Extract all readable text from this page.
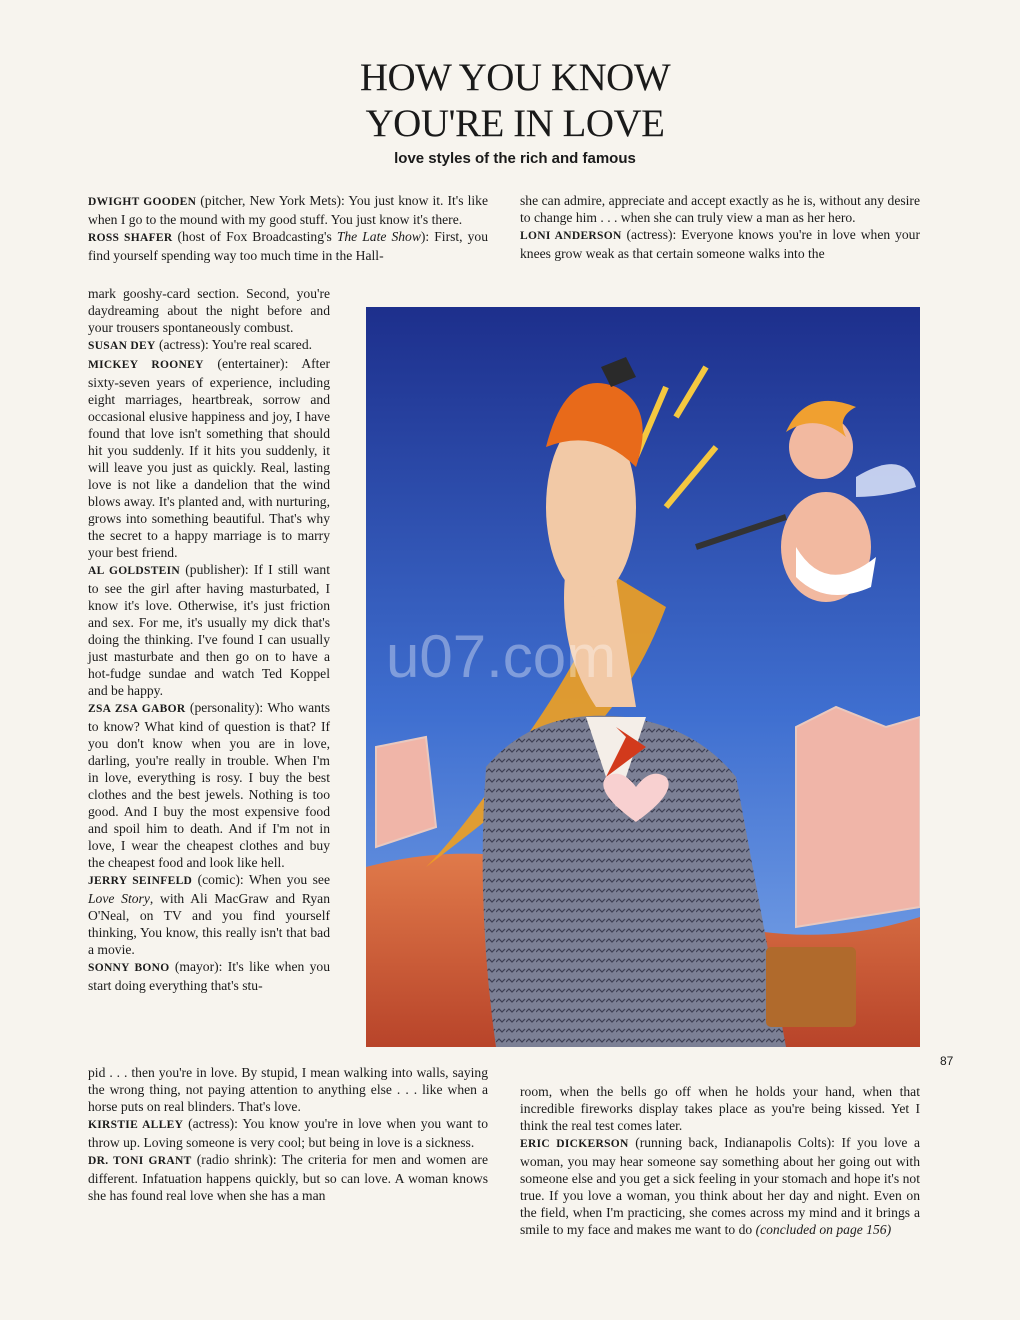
HOW YOU KNOW
YOU'RE IN LOVE
love styles of the rich and famous

DWIGHT GOODEN (pitcher, New York Mets): You just know it. It's like when I go to the mound with my good stuff. You just know it's there.

ROSS SHAFER (host of Fox Broadcasting's The Late Show): First, you find yourself spending way too much time in the Hall-

mark gooshy-card section. Second, you're daydreaming about the night before and your trousers spontaneously combust.

SUSAN DEY (actress): You're real scared.

MICKEY ROONEY (entertainer): After sixty-seven years of experience, including eight marriages, heartbreak, sorrow and occasional elusive happiness and joy, I have found that love isn't something that should hit you suddenly. If it hits you suddenly, it will leave you just as quickly. Real, lasting love is not like a dandelion that the wind blows away. It's planted and, with nurturing, grows into something beautiful. That's why the secret to a happy marriage is to marry your best friend.

AL GOLDSTEIN (publisher): If I still want to see the girl after having masturbated, I know it's love. Otherwise, it's just friction and sex. For me, it's usually my dick that's doing the thinking. I've found I can usually just masturbate and then go on to have a hot-fudge sundae and watch Ted Koppel and be happy.

ZSA ZSA GABOR (personality): Who wants to know? What kind of question is that? If you don't know when you are in love, darling, you're really in trouble. When I'm in love, everything is rosy. I buy the best clothes and the best jewels. Nothing is too good. And I buy the most expensive food and spoil him to death. And if I'm not in love, I wear the cheapest clothes and buy the cheapest food and look like hell.

JERRY SEINFELD (comic): When you see Love Story, with Ali MacGraw and Ryan O'Neal, on TV and you find yourself thinking, You know, this really isn't that bad a movie.

SONNY BONO (mayor): It's like when you start doing everything that's stu-

she can admire, appreciate and accept exactly as he is, without any desire to change him . . . when she can truly view a man as her hero.

LONI ANDERSON (actress): Everyone knows you're in love when your knees grow weak as that certain someone walks into the

u07.com

pid . . . then you're in love. By stupid, I mean walking into walls, saying the wrong thing, not paying attention to anything else . . . like when a horse puts on real blinders. That's love.

KIRSTIE ALLEY (actress): You know you're in love when you want to throw up. Loving someone is very cool; but being in love is a sickness.

DR. TONI GRANT (radio shrink): The criteria for men and women are different. Infatuation happens quickly, but so can love. A woman knows she has found real love when she has a man

room, when the bells go off when he holds your hand, when that incredible fireworks display takes place as you're being kissed. Yet I think the real test comes later.

ERIC DICKERSON (running back, Indianapolis Colts): If you love a woman, you may hear someone say something about her going out with someone else and you get a sick feeling in your stomach and hope it's not true. If you love a woman, you think about her day and night. Even on the field, when I'm practicing, she comes across my mind and it brings a smile to my face and makes me want to do (concluded on page 156)

87
